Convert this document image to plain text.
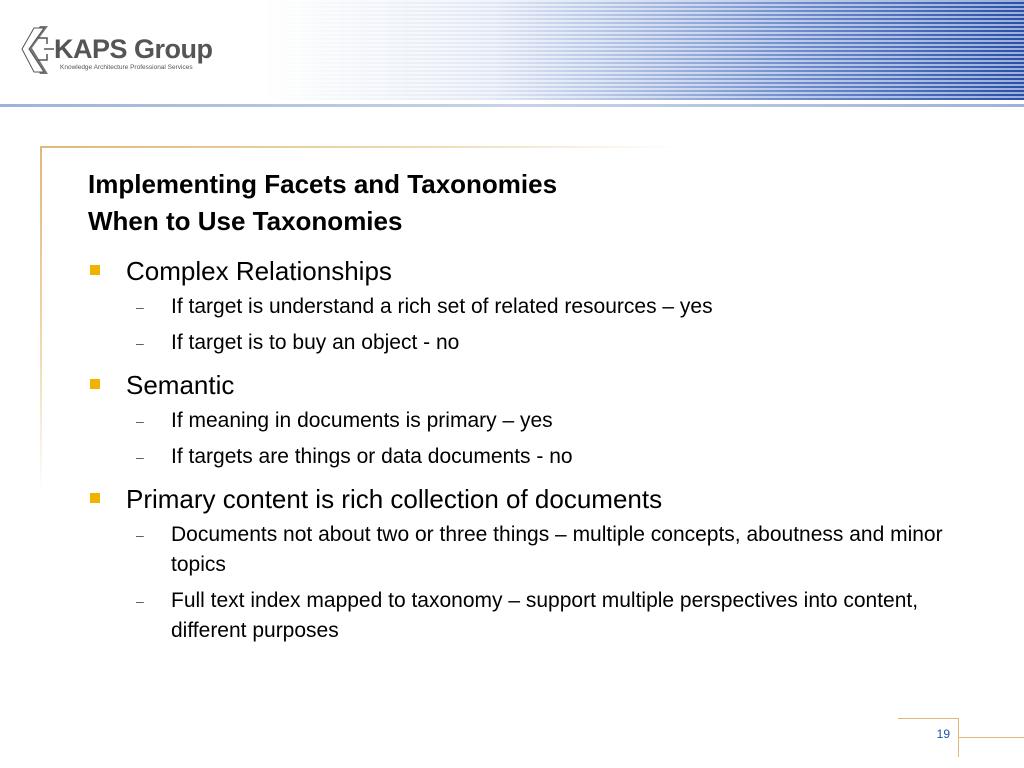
KAPS Group
Knowledge Architecture Professional Services
Implementing Facets and Taxonomies
When to Use Taxonomies
Complex Relationships
– If target is understand a rich set of related resources – yes
– If target is to buy an object - no
Semantic
– If meaning in documents is primary – yes
– If targets are things or data documents - no
Primary content is rich collection of documents
– Documents not about two or three things – multiple concepts, aboutness and minor topics
– Full text index mapped to taxonomy – support multiple perspectives into content, different purposes
19
